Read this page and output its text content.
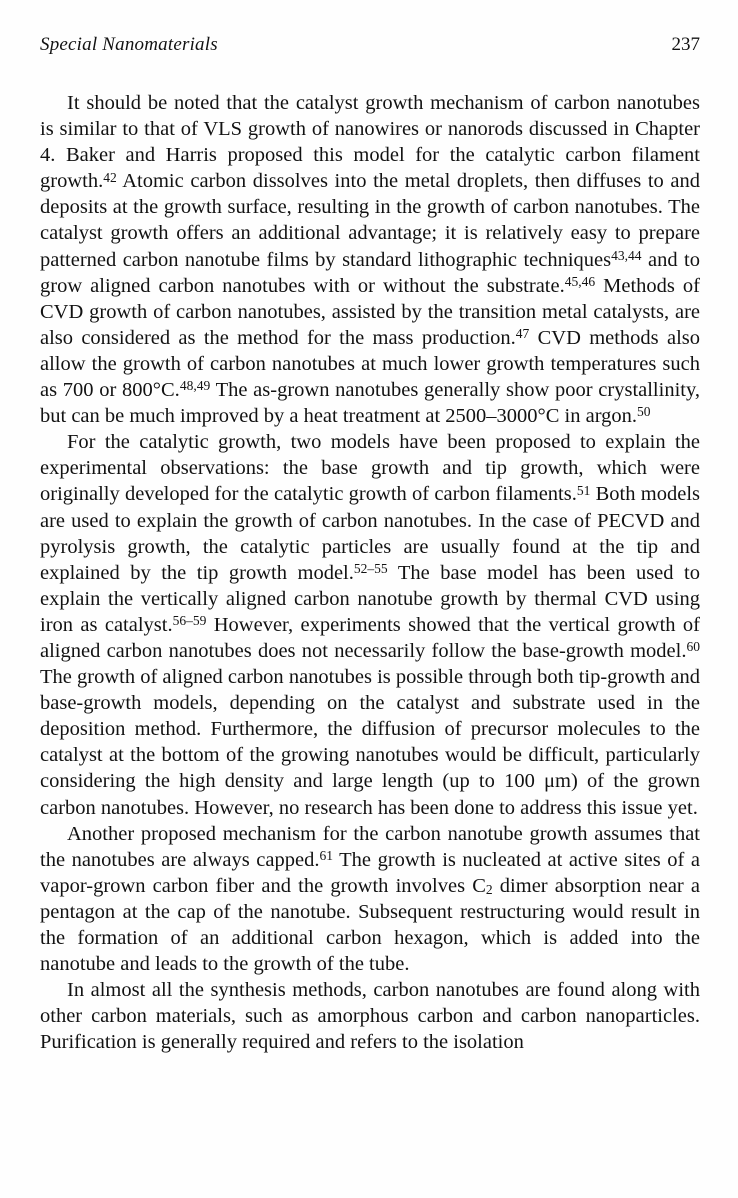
Special Nanomaterials	237

It should be noted that the catalyst growth mechanism of carbon nanotubes is similar to that of VLS growth of nanowires or nanorods discussed in Chapter 4. Baker and Harris proposed this model for the catalytic carbon filament growth.$^{42}$ Atomic carbon dissolves into the metal droplets, then diffuses to and deposits at the growth surface, resulting in the growth of carbon nanotubes. The catalyst growth offers an additional advantage; it is relatively easy to prepare patterned carbon nanotube films by standard lithographic techniques$^{43,44}$ and to grow aligned carbon nanotubes with or without the substrate.$^{45,46}$ Methods of CVD growth of carbon nanotubes, assisted by the transition metal catalysts, are also considered as the method for the mass production.$^{47}$ CVD methods also allow the growth of carbon nanotubes at much lower growth temperatures such as 700 or 800°C.$^{48,49}$ The as-grown nanotubes generally show poor crystallinity, but can be much improved by a heat treatment at 2500–3000°C in argon.$^{50}$

For the catalytic growth, two models have been proposed to explain the experimental observations: the base growth and tip growth, which were originally developed for the catalytic growth of carbon filaments.$^{51}$ Both models are used to explain the growth of carbon nanotubes. In the case of PECVD and pyrolysis growth, the catalytic particles are usually found at the tip and explained by the tip growth model.$^{52-55}$ The base model has been used to explain the vertically aligned carbon nanotube growth by thermal CVD using iron as catalyst.$^{56-59}$ However, experiments showed that the vertical growth of aligned carbon nanotubes does not necessarily follow the base-growth model.$^{60}$ The growth of aligned carbon nanotubes is possible through both tip-growth and base-growth models, depending on the catalyst and substrate used in the deposition method. Furthermore, the diffusion of precursor molecules to the catalyst at the bottom of the growing nanotubes would be difficult, particularly considering the high density and large length (up to 100 μm) of the grown carbon nanotubes. However, no research has been done to address this issue yet.

Another proposed mechanism for the carbon nanotube growth assumes that the nanotubes are always capped.$^{61}$ The growth is nucleated at active sites of a vapor-grown carbon fiber and the growth involves $C_2$ dimer absorption near a pentagon at the cap of the nanotube. Subsequent restructuring would result in the formation of an additional carbon hexagon, which is added into the nanotube and leads to the growth of the tube.

In almost all the synthesis methods, carbon nanotubes are found along with other carbon materials, such as amorphous carbon and carbon nanoparticles. Purification is generally required and refers to the isolation
